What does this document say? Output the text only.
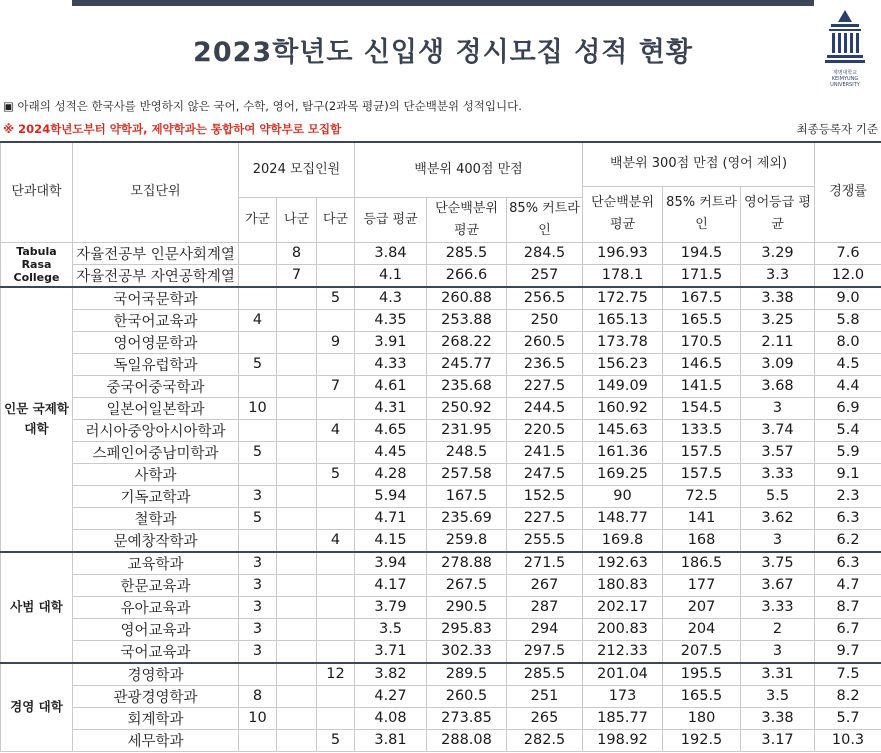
2023학년도 신입생 정시모집 성적 현황
계명대학교
KEIMYUNG UNIVERSITY
▣ 아래의 성적은 한국사를 반영하지 않은 국어, 수학, 영어, 탐구(2과목 평균)의 단순백분위 성적입니다.
※ 2024학년도부터 약학과, 제약학과는 통합하여 약학부로 모집함	최종등록자 기준
단과대학	모집단위	2024 모집인원			백분위 400점 만점			백분위 300점 만점 (영어 제외)			경쟁률
								단순백분위 평균	85% 커트라인	영어등급 평균	
		가군	나군	다군	등급 평균	단순백분위 평균	85% 커트라인				
Tabula Rasa College	자율전공부 인문사회계열		8		3.84	285.5	284.5	196.93	194.5	3.29	7.6
	자율전공부 자연공학계열		7		4.1	266.6	257	178.1	171.5	3.3	12.0
인문 국제학 대학	국어국문학과			5	4.3	260.88	256.5	172.75	167.5	3.38	9.0
	한국어교육과	4			4.35	253.88	250	165.13	165.5	3.25	5.8
	영어영문학과			9	3.91	268.22	260.5	173.78	170.5	2.11	8.0
	독일유럽학과	5			4.33	245.77	236.5	156.23	146.5	3.09	4.5
	중국어중국학과			7	4.61	235.68	227.5	149.09	141.5	3.68	4.4
	일본어일본학과	10			4.31	250.92	244.5	160.92	154.5	3	6.9
	러시아중앙아시아학과			4	4.65	231.95	220.5	145.63	133.5	3.74	5.4
	스페인어중남미학과	5			4.45	248.5	241.5	161.36	157.5	3.57	5.9
	사학과			5	4.28	257.58	247.5	169.25	157.5	3.33	9.1
	기독교학과	3			5.94	167.5	152.5	90	72.5	5.5	2.3
	철학과	5			4.71	235.69	227.5	148.77	141	3.62	6.3
	문예창작학과			4	4.15	259.8	255.5	169.8	168	3	6.2
사범 대학	교육학과	3			3.94	278.88	271.5	192.63	186.5	3.75	6.3
	한문교육과	3			4.17	267.5	267	180.83	177	3.67	4.7
	유아교육과	3			3.79	290.5	287	202.17	207	3.33	8.7
	영어교육과	3			3.5	295.83	294	200.83	204	2	6.7
	국어교육과	3			3.71	302.33	297.5	212.33	207.5	3	9.7
경영 대학	경영학과			12	3.82	289.5	285.5	201.04	195.5	3.31	7.5
	관광경영학과	8			4.27	260.5	251	173	165.5	3.5	8.2
	회계학과	10			4.08	273.85	265	185.77	180	3.38	5.7
	세무학과			5	3.81	288.08	282.5	198.92	192.5	3.17	10.3
